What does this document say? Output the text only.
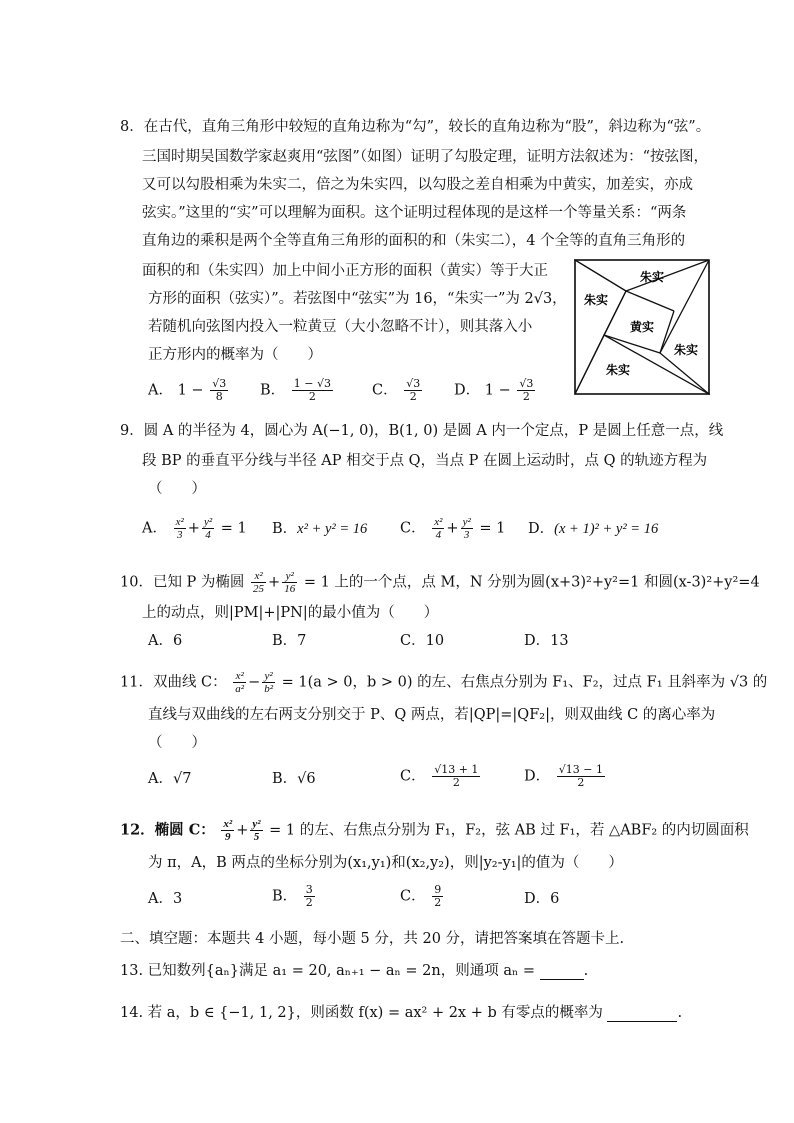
8．在古代，直角三角形中较短的直角边称为“勾”，较长的直角边称为“股”，斜边称为“弦”。
三国时期吴国数学家赵爽用“弦图”（如图）证明了勾股定理，证明方法叙述为：“按弦图，
又可以勾股相乘为朱实二，倍之为朱实四，以勾股之差自相乘为中黄实，加差实，亦成
弦实。”这里的“实”可以理解为面积。这个证明过程体现的是这样一个等量关系：“两条
直角边的乘积是两个全等直角三角形的面积的和（朱实二），4 个全等的直角三角形的
面积的和（朱实四）加上中间小正方形的面积（黄实）等于大正
方形的面积（弦实）”。若弦图中“弦实”为 16，“朱实一”为 2√3，
若随机向弦图内投入一粒黄豆（大小忽略不计），则其落入小
正方形内的概率为（　　）
A． $1 - \frac{√3}{8}$ B． $\frac{1 - √3}{2}$	C． $\frac{√3}{2}$ D． $1 - \frac{√3}{2}$
朱实
朱实
黄实
朱实
朱实
9．圆 A 的半径为 4，圆心为 A(−1, 0)，B(1, 0) 是圆 A 内一个定点，P 是圆上任意一点，线
段 BP 的垂直平分线与半径 AP 相交于点 Q，当点 P 在圆上运动时，点 Q 的轨迹方程为
（　　）
A． $\frac{\text{x²}}{3} + \frac{\text{y²}}{4} = 1$ B．x² + y² = 16 C． $\frac{\text{x²}}{4} + \frac{\text{y²}}{3} = 1$ D．(x + 1)² + y² = 16
10．已知 P 为椭圆 $\frac{\text{x²}}{25} + \frac{\text{y²}}{16} = 1$ 上的一个点，点 M，N 分别为圆(x+3)²+y²=1 和圆(x-3)²+y²=4
上的动点，则|PM|+|PN|的最小值为（　　）
A．6	B．7	C．10	D．13
11．双曲线 C： $\frac{\text{x²}}{\text{a²}} - \frac{\text{y²}}{\text{b²}} = 1(a > 0$，b > 0) 的左、右焦点分别为 F₁、F₂，过点 F₁ 且斜率为 √3 的
直线与双曲线的左右两支分别交于 P、Q 两点，若|QP|=|QF₂|，则双曲线 C 的离心率为
（　　）
A．√7	B．√6	C． $\frac{√13 + 1}{2}$	D． $\frac{√13 - 1}{2}$
12．椭圆 C： $\frac{\text{x²}}{9} + \frac{\text{y²}}{5} = 1$ 的左、右焦点分别为 F₁，F₂，弦 AB 过 F₁，若 △ABF₂ 的内切圆面积
为 π，A，B 两点的坐标分别为(x₁,y₁)和(x₂,y₂)，则|y₂-y₁|的值为（　　）
A．3	B． $\frac{3}{2}$	C． $\frac{9}{2}$	D．6
二、填空题：本题共 4 小题，每小题 5 分，共 20 分，请把答案填在答题卡上.
13. 已知数列{aₙ}满足 a₁ = 20, aₙ₊₁ − aₙ = 2n，则通项 aₙ =	.
14. 若 a，b ∈ {−1, 1, 2}，则函数 f(x) = ax² + 2x + b 有零点的概率为	.
